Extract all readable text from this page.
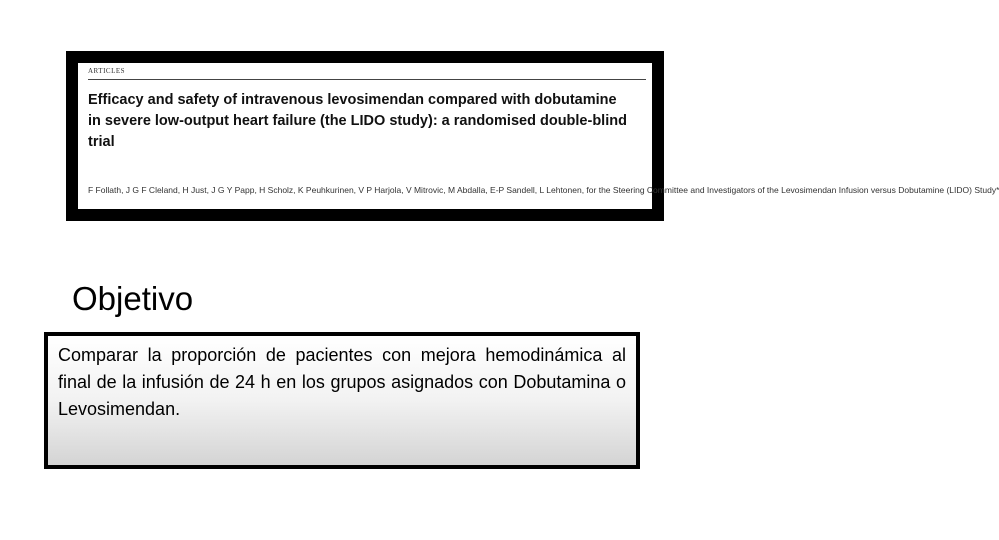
ARTICLES

Efficacy and safety of intravenous levosimendan compared with dobutamine in severe low-output heart failure (the LIDO study): a randomised double-blind trial

F Follath, J G F Cleland, H Just, J G Y Papp, H Scholz, K Peuhkurinen, V P Harjola, V Mitrovic, M Abdalla, E-P Sandell, L Lehtonen, for the Steering Committee and Investigators of the Levosimendan Infusion versus Dobutamine (LIDO) Study*

Objetivo

Comparar la proporción de pacientes con mejora hemodinámica al final de la infusión de 24 h en los grupos asignados con Dobutamina o Levosimendan.
